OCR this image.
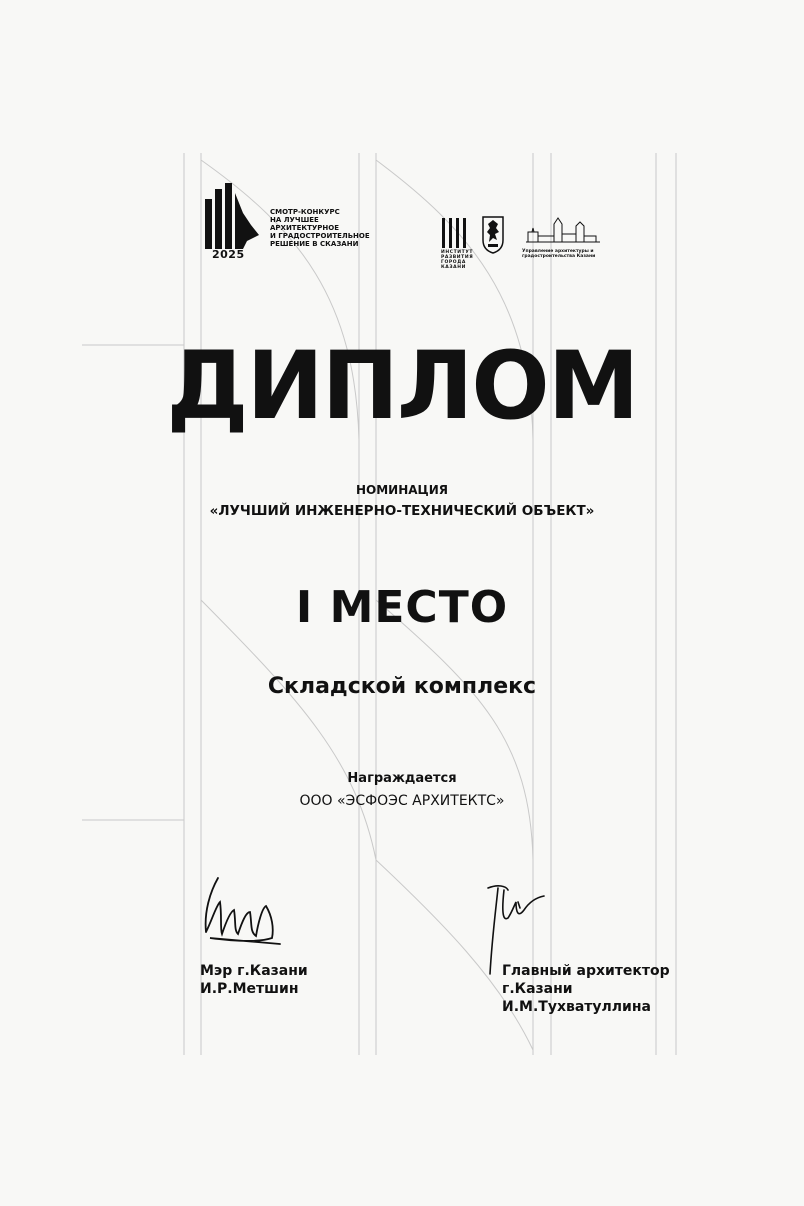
2025
СМОТР-КОНКУРС
НА ЛУЧШЕЕ
АРХИТЕКТУРНОЕ
И ГРАДОСТРОИТЕЛЬНОЕ
РЕШЕНИЕ В СКАЗАНИ
ИНСТИТУТ
РАЗВИТИЯ
ГОРОДА
КАЗАНИ
Управление архитектуры и градостроительства Казани
ДИПЛОМ
НОМИНАЦИЯ
«ЛУЧШИЙ ИНЖЕНЕРНО-ТЕХНИЧЕСКИЙ ОБЪЕКТ»
I МЕСТО
Складской комплекс
Награждается
ООО «ЭСФОЭС АРХИТЕКТС»
Мэр г.Казани
И.Р.Метшин
Главный архитектор
г.Казани
И.М.Тухватуллина
